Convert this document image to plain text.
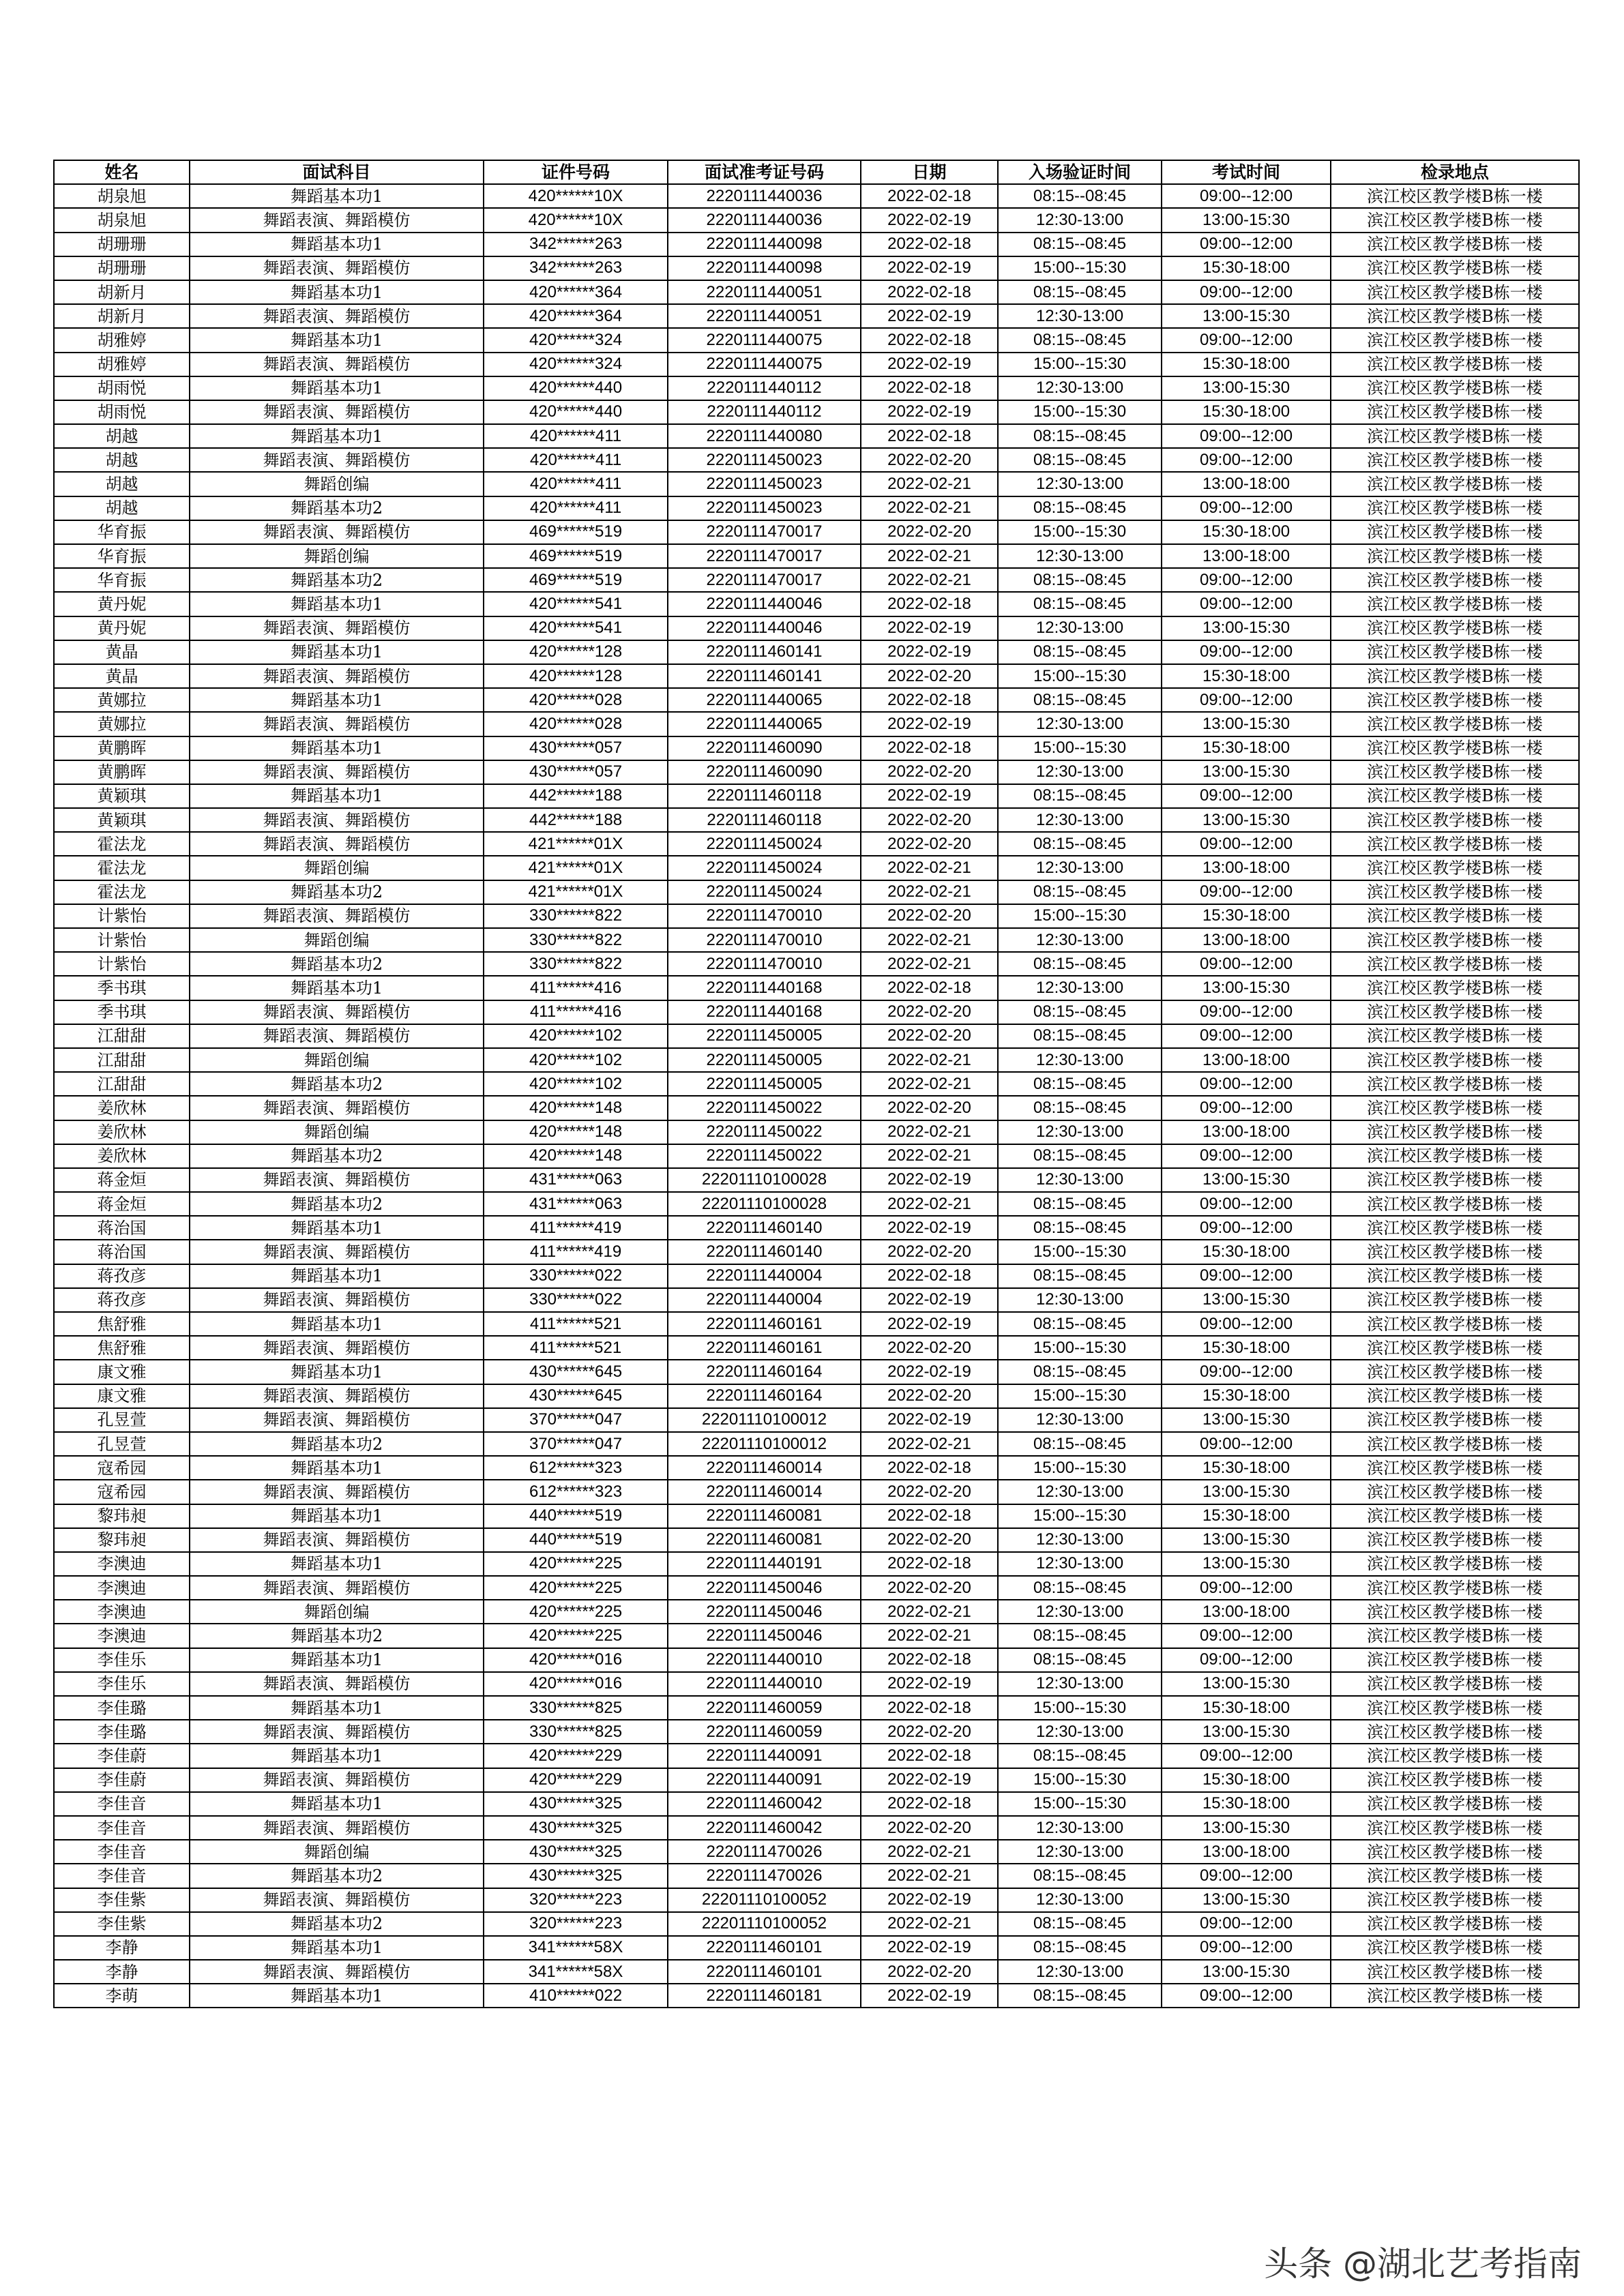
姓名	面试科目	证件号码	面试准考证号码	日期	入场验证时间	考试时间	检录地点
胡泉旭	舞蹈基本功1	420******10X	2220111440036	2022-02-18	08:15--08:45	09:00--12:00	滨江校区教学楼B栋一楼
胡泉旭	舞蹈表演、舞蹈模仿	420******10X	2220111440036	2022-02-19	12:30-13:00	13:00-15:30	滨江校区教学楼B栋一楼
胡珊珊	舞蹈基本功1	342******263	2220111440098	2022-02-18	08:15--08:45	09:00--12:00	滨江校区教学楼B栋一楼
胡珊珊	舞蹈表演、舞蹈模仿	342******263	2220111440098	2022-02-19	15:00--15:30	15:30-18:00	滨江校区教学楼B栋一楼
胡新月	舞蹈基本功1	420******364	2220111440051	2022-02-18	08:15--08:45	09:00--12:00	滨江校区教学楼B栋一楼
胡新月	舞蹈表演、舞蹈模仿	420******364	2220111440051	2022-02-19	12:30-13:00	13:00-15:30	滨江校区教学楼B栋一楼
胡雅婷	舞蹈基本功1	420******324	2220111440075	2022-02-18	08:15--08:45	09:00--12:00	滨江校区教学楼B栋一楼
胡雅婷	舞蹈表演、舞蹈模仿	420******324	2220111440075	2022-02-19	15:00--15:30	15:30-18:00	滨江校区教学楼B栋一楼
胡雨悦	舞蹈基本功1	420******440	2220111440112	2022-02-18	12:30-13:00	13:00-15:30	滨江校区教学楼B栋一楼
胡雨悦	舞蹈表演、舞蹈模仿	420******440	2220111440112	2022-02-19	15:00--15:30	15:30-18:00	滨江校区教学楼B栋一楼
胡越	舞蹈基本功1	420******411	2220111440080	2022-02-18	08:15--08:45	09:00--12:00	滨江校区教学楼B栋一楼
胡越	舞蹈表演、舞蹈模仿	420******411	2220111450023	2022-02-20	08:15--08:45	09:00--12:00	滨江校区教学楼B栋一楼
胡越	舞蹈创编	420******411	2220111450023	2022-02-21	12:30-13:00	13:00-18:00	滨江校区教学楼B栋一楼
胡越	舞蹈基本功2	420******411	2220111450023	2022-02-21	08:15--08:45	09:00--12:00	滨江校区教学楼B栋一楼
华育振	舞蹈表演、舞蹈模仿	469******519	2220111470017	2022-02-20	15:00--15:30	15:30-18:00	滨江校区教学楼B栋一楼
华育振	舞蹈创编	469******519	2220111470017	2022-02-21	12:30-13:00	13:00-18:00	滨江校区教学楼B栋一楼
华育振	舞蹈基本功2	469******519	2220111470017	2022-02-21	08:15--08:45	09:00--12:00	滨江校区教学楼B栋一楼
黄丹妮	舞蹈基本功1	420******541	2220111440046	2022-02-18	08:15--08:45	09:00--12:00	滨江校区教学楼B栋一楼
黄丹妮	舞蹈表演、舞蹈模仿	420******541	2220111440046	2022-02-19	12:30-13:00	13:00-15:30	滨江校区教学楼B栋一楼
黄晶	舞蹈基本功1	420******128	2220111460141	2022-02-19	08:15--08:45	09:00--12:00	滨江校区教学楼B栋一楼
黄晶	舞蹈表演、舞蹈模仿	420******128	2220111460141	2022-02-20	15:00--15:30	15:30-18:00	滨江校区教学楼B栋一楼
黄娜拉	舞蹈基本功1	420******028	2220111440065	2022-02-18	08:15--08:45	09:00--12:00	滨江校区教学楼B栋一楼
黄娜拉	舞蹈表演、舞蹈模仿	420******028	2220111440065	2022-02-19	12:30-13:00	13:00-15:30	滨江校区教学楼B栋一楼
黄鹏晖	舞蹈基本功1	430******057	2220111460090	2022-02-18	15:00--15:30	15:30-18:00	滨江校区教学楼B栋一楼
黄鹏晖	舞蹈表演、舞蹈模仿	430******057	2220111460090	2022-02-20	12:30-13:00	13:00-15:30	滨江校区教学楼B栋一楼
黄颖琪	舞蹈基本功1	442******188	2220111460118	2022-02-19	08:15--08:45	09:00--12:00	滨江校区教学楼B栋一楼
黄颖琪	舞蹈表演、舞蹈模仿	442******188	2220111460118	2022-02-20	12:30-13:00	13:00-15:30	滨江校区教学楼B栋一楼
霍法龙	舞蹈表演、舞蹈模仿	421******01X	2220111450024	2022-02-20	08:15--08:45	09:00--12:00	滨江校区教学楼B栋一楼
霍法龙	舞蹈创编	421******01X	2220111450024	2022-02-21	12:30-13:00	13:00-18:00	滨江校区教学楼B栋一楼
霍法龙	舞蹈基本功2	421******01X	2220111450024	2022-02-21	08:15--08:45	09:00--12:00	滨江校区教学楼B栋一楼
计紫怡	舞蹈表演、舞蹈模仿	330******822	2220111470010	2022-02-20	15:00--15:30	15:30-18:00	滨江校区教学楼B栋一楼
计紫怡	舞蹈创编	330******822	2220111470010	2022-02-21	12:30-13:00	13:00-18:00	滨江校区教学楼B栋一楼
计紫怡	舞蹈基本功2	330******822	2220111470010	2022-02-21	08:15--08:45	09:00--12:00	滨江校区教学楼B栋一楼
季书琪	舞蹈基本功1	411******416	2220111440168	2022-02-18	12:30-13:00	13:00-15:30	滨江校区教学楼B栋一楼
季书琪	舞蹈表演、舞蹈模仿	411******416	2220111440168	2022-02-20	08:15--08:45	09:00--12:00	滨江校区教学楼B栋一楼
江甜甜	舞蹈表演、舞蹈模仿	420******102	2220111450005	2022-02-20	08:15--08:45	09:00--12:00	滨江校区教学楼B栋一楼
江甜甜	舞蹈创编	420******102	2220111450005	2022-02-21	12:30-13:00	13:00-18:00	滨江校区教学楼B栋一楼
江甜甜	舞蹈基本功2	420******102	2220111450005	2022-02-21	08:15--08:45	09:00--12:00	滨江校区教学楼B栋一楼
姜欣林	舞蹈表演、舞蹈模仿	420******148	2220111450022	2022-02-20	08:15--08:45	09:00--12:00	滨江校区教学楼B栋一楼
姜欣林	舞蹈创编	420******148	2220111450022	2022-02-21	12:30-13:00	13:00-18:00	滨江校区教学楼B栋一楼
姜欣林	舞蹈基本功2	420******148	2220111450022	2022-02-21	08:15--08:45	09:00--12:00	滨江校区教学楼B栋一楼
蒋金烜	舞蹈表演、舞蹈模仿	431******063	22201110100028	2022-02-19	12:30-13:00	13:00-15:30	滨江校区教学楼B栋一楼
蒋金烜	舞蹈基本功2	431******063	22201110100028	2022-02-21	08:15--08:45	09:00--12:00	滨江校区教学楼B栋一楼
蒋治国	舞蹈基本功1	411******419	2220111460140	2022-02-19	08:15--08:45	09:00--12:00	滨江校区教学楼B栋一楼
蒋治国	舞蹈表演、舞蹈模仿	411******419	2220111460140	2022-02-20	15:00--15:30	15:30-18:00	滨江校区教学楼B栋一楼
蒋孜彦	舞蹈基本功1	330******022	2220111440004	2022-02-18	08:15--08:45	09:00--12:00	滨江校区教学楼B栋一楼
蒋孜彦	舞蹈表演、舞蹈模仿	330******022	2220111440004	2022-02-19	12:30-13:00	13:00-15:30	滨江校区教学楼B栋一楼
焦舒雅	舞蹈基本功1	411******521	2220111460161	2022-02-19	08:15--08:45	09:00--12:00	滨江校区教学楼B栋一楼
焦舒雅	舞蹈表演、舞蹈模仿	411******521	2220111460161	2022-02-20	15:00--15:30	15:30-18:00	滨江校区教学楼B栋一楼
康文雅	舞蹈基本功1	430******645	2220111460164	2022-02-19	08:15--08:45	09:00--12:00	滨江校区教学楼B栋一楼
康文雅	舞蹈表演、舞蹈模仿	430******645	2220111460164	2022-02-20	15:00--15:30	15:30-18:00	滨江校区教学楼B栋一楼
孔昱萱	舞蹈表演、舞蹈模仿	370******047	22201110100012	2022-02-19	12:30-13:00	13:00-15:30	滨江校区教学楼B栋一楼
孔昱萱	舞蹈基本功2	370******047	22201110100012	2022-02-21	08:15--08:45	09:00--12:00	滨江校区教学楼B栋一楼
寇希园	舞蹈基本功1	612******323	2220111460014	2022-02-18	15:00--15:30	15:30-18:00	滨江校区教学楼B栋一楼
寇希园	舞蹈表演、舞蹈模仿	612******323	2220111460014	2022-02-20	12:30-13:00	13:00-15:30	滨江校区教学楼B栋一楼
黎玮昶	舞蹈基本功1	440******519	2220111460081	2022-02-18	15:00--15:30	15:30-18:00	滨江校区教学楼B栋一楼
黎玮昶	舞蹈表演、舞蹈模仿	440******519	2220111460081	2022-02-20	12:30-13:00	13:00-15:30	滨江校区教学楼B栋一楼
李澳迪	舞蹈基本功1	420******225	2220111440191	2022-02-18	12:30-13:00	13:00-15:30	滨江校区教学楼B栋一楼
李澳迪	舞蹈表演、舞蹈模仿	420******225	2220111450046	2022-02-20	08:15--08:45	09:00--12:00	滨江校区教学楼B栋一楼
李澳迪	舞蹈创编	420******225	2220111450046	2022-02-21	12:30-13:00	13:00-18:00	滨江校区教学楼B栋一楼
李澳迪	舞蹈基本功2	420******225	2220111450046	2022-02-21	08:15--08:45	09:00--12:00	滨江校区教学楼B栋一楼
李佳乐	舞蹈基本功1	420******016	2220111440010	2022-02-18	08:15--08:45	09:00--12:00	滨江校区教学楼B栋一楼
李佳乐	舞蹈表演、舞蹈模仿	420******016	2220111440010	2022-02-19	12:30-13:00	13:00-15:30	滨江校区教学楼B栋一楼
李佳璐	舞蹈基本功1	330******825	2220111460059	2022-02-18	15:00--15:30	15:30-18:00	滨江校区教学楼B栋一楼
李佳璐	舞蹈表演、舞蹈模仿	330******825	2220111460059	2022-02-20	12:30-13:00	13:00-15:30	滨江校区教学楼B栋一楼
李佳蔚	舞蹈基本功1	420******229	2220111440091	2022-02-18	08:15--08:45	09:00--12:00	滨江校区教学楼B栋一楼
李佳蔚	舞蹈表演、舞蹈模仿	420******229	2220111440091	2022-02-19	15:00--15:30	15:30-18:00	滨江校区教学楼B栋一楼
李佳音	舞蹈基本功1	430******325	2220111460042	2022-02-18	15:00--15:30	15:30-18:00	滨江校区教学楼B栋一楼
李佳音	舞蹈表演、舞蹈模仿	430******325	2220111460042	2022-02-20	12:30-13:00	13:00-15:30	滨江校区教学楼B栋一楼
李佳音	舞蹈创编	430******325	2220111470026	2022-02-21	12:30-13:00	13:00-18:00	滨江校区教学楼B栋一楼
李佳音	舞蹈基本功2	430******325	2220111470026	2022-02-21	08:15--08:45	09:00--12:00	滨江校区教学楼B栋一楼
李佳紫	舞蹈表演、舞蹈模仿	320******223	22201110100052	2022-02-19	12:30-13:00	13:00-15:30	滨江校区教学楼B栋一楼
李佳紫	舞蹈基本功2	320******223	22201110100052	2022-02-21	08:15--08:45	09:00--12:00	滨江校区教学楼B栋一楼
李静	舞蹈基本功1	341******58X	2220111460101	2022-02-19	08:15--08:45	09:00--12:00	滨江校区教学楼B栋一楼
李静	舞蹈表演、舞蹈模仿	341******58X	2220111460101	2022-02-20	12:30-13:00	13:00-15:30	滨江校区教学楼B栋一楼
李萌	舞蹈基本功1	410******022	2220111460181	2022-02-19	08:15--08:45	09:00--12:00	滨江校区教学楼B栋一楼
头条 @湖北艺考指南
